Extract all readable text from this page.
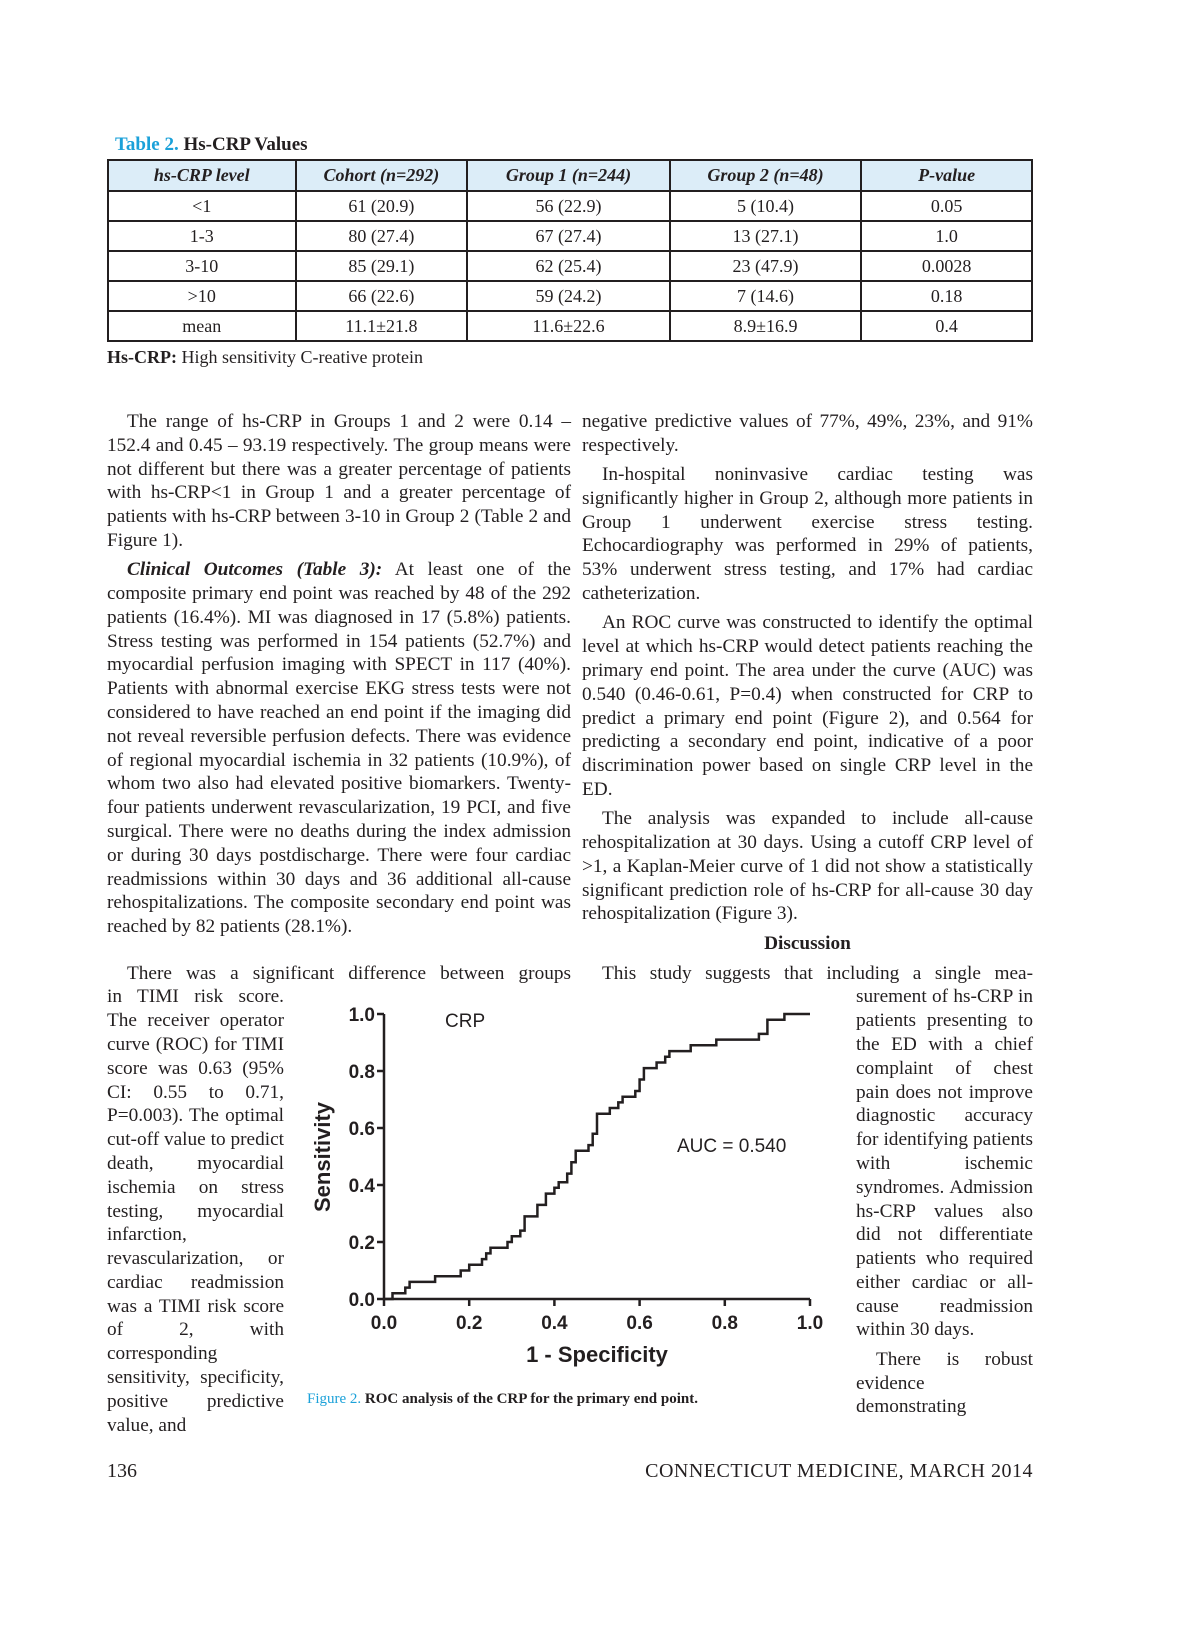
Table 2. Hs-CRP Values
hs-CRP level	Cohort (n=292)	Group 1 (n=244)	Group 2 (n=48)	P-value
<1	61 (20.9)	56 (22.9)	5 (10.4)	0.05
1-3	80 (27.4)	67 (27.4)	13 (27.1)	1.0
3-10	85 (29.1)	62 (25.4)	23 (47.9)	0.0028
>10	66 (22.6)	59 (24.2)	7 (14.6)	0.18
mean	11.1±21.8	11.6±22.6	8.9±16.9	0.4
Hs-CRP: High sensitivity C-reative protein

The range of hs-CRP in Groups 1 and 2 were 0.14 – 152.4 and 0.45 – 93.19 respectively. The group means were not different but there was a greater percentage of patients with hs-CRP<1 in Group 1 and a greater percentage of patients with hs-CRP between 3-10 in Group 2 (Table 2 and Figure 1).

Clinical Outcomes (Table 3): At least one of the composite primary end point was reached by 48 of the 292 patients (16.4%). MI was diagnosed in 17 (5.8%) patients. Stress testing was performed in 154 patients (52.7%) and myocardial perfusion imaging with SPECT in 117 (40%). Patients with abnormal exercise EKG stress tests were not considered to have reached an end point if the imaging did not reveal reversible perfusion defects. There was evidence of regional myocardial ischemia in 32 patients (10.9%), of whom two also had elevated positive biomarkers. Twenty-four patients underwent revascularization, 19 PCI, and five surgical. There were no deaths during the index admission or during 30 days postdischarge. There were four cardiac readmissions within 30 days and 36 additional all-cause rehospitalizations. The composite secondary end point was reached by 82 patients (28.1%).

negative predictive values of 77%, 49%, 23%, and 91% respectively.

In-hospital noninvasive cardiac testing was significantly higher in Group 2, although more patients in Group 1 underwent exercise stress testing. Echocardiography was performed in 29% of patients, 53% underwent stress testing, and 17% had cardiac catheterization.

An ROC curve was constructed to identify the optimal level at which hs-CRP would detect patients reaching the primary end point. The area under the curve (AUC) was 0.540 (0.46-0.61, P=0.4) when constructed for CRP to predict a primary end point (Figure 2), and 0.564 for predicting a secondary end point, indicative of a poor discrimination power based on single CRP level in the ED.

The analysis was expanded to include all-cause rehospitalization at 30 days. Using a cutoff CRP level of >1, a Kaplan-Meier curve of 1 did not show a statistically significant prediction role of hs-CRP for all-cause 30 day rehospitalization (Figure 3).

Discussion

There was a significant difference between groups	This study suggests that including a single mea-

in TIMI risk score. The receiver operator curve (ROC) for TIMI score was 0.63 (95% CI: 0.55 to 0.71, P=0.003). The optimal cut-off value to predict death, myocardial ischemia on stress testing, myocardial infarction, revascularization, or cardiac readmission was a TIMI risk score of 2, with corresponding sensitivity, specificity, positive predictive value, and

CRP
AUC = 0.540
1 - Specificity
Sensitivity
0.0	0.2	0.4	0.6	0.8	1.0
0.0
0.2
0.4
0.6
0.8
1.0
Figure 2. ROC analysis of the CRP for the primary end point.

surement of hs-CRP in patients presenting to the ED with a chief complaint of chest pain does not improve diagnostic accuracy for identifying patients with ischemic syndromes. Admission hs-CRP values also did not differentiate patients who required either cardiac or all-cause readmission within 30 days.

There is robust evidence demonstrating

136	CONNECTICUT MEDICINE, MARCH 2014
